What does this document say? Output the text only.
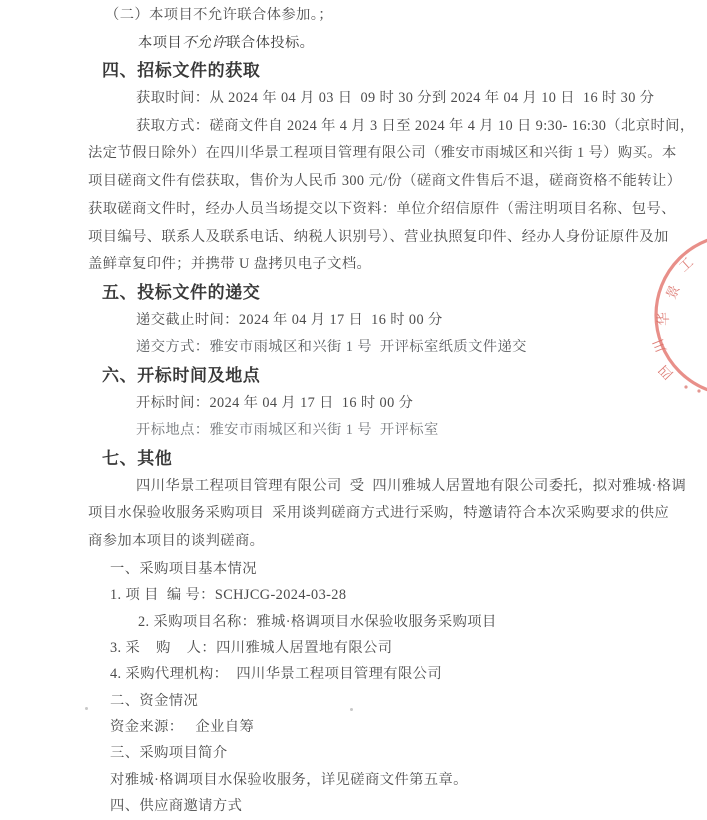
（二）本项目不允许联合体参加。；
本项目不允许联合体投标。
四、招标文件的获取
获取时间：从 2024 年 04 月 03 日  09 时 30 分到 2024 年 04 月 10 日  16 时 30 分
获取方式：磋商文件自 2024 年 4 月 3 日至 2024 年 4 月 10 日 9:30- 16:30（北京时间，
法定节假日除外）在四川华景工程项目管理有限公司（雅安市雨城区和兴街 1 号）购买。本
项目磋商文件有偿获取，售价为人民币 300 元/份（磋商文件售后不退，磋商资格不能转让）
获取磋商文件时，经办人员当场提交以下资料：单位介绍信原件（需注明项目名称、包号、
项目编号、联系人及联系电话、纳税人识别号）、营业执照复印件、经办人身份证原件及加
盖鲜章复印件；并携带 U 盘拷贝电子文档。
五、投标文件的递交
递交截止时间：2024 年 04 月 17 日  16 时 00 分
递交方式：雅安市雨城区和兴街 1 号  开评标室纸质文件递交
六、开标时间及地点
开标时间：2024 年 04 月 17 日  16 时 00 分
开标地点：雅安市雨城区和兴街 1 号  开评标室
七、其他
四川华景工程项目管理有限公司  受  四川雅城人居置地有限公司委托，拟对雅城·格调
项目水保验收服务采购项目  采用谈判磋商方式进行采购，特邀请符合本次采购要求的供应
商参加本项目的谈判磋商。
一、采购项目基本情况
1. 项 目  编 号：SCHJCG-2024-03-28
2. 采购项目名称：雅城·格调项目水保验收服务采购项目
3. 采    购    人：四川雅城人居置地有限公司
4. 采购代理机构：  四川华景工程项目管理有限公司
二、资金情况
资金来源：   企业自筹
三、采购项目简介
对雅城·格调项目水保验收服务，详见磋商文件第五章。
四、供应商邀请方式
工
景
华
川
四
